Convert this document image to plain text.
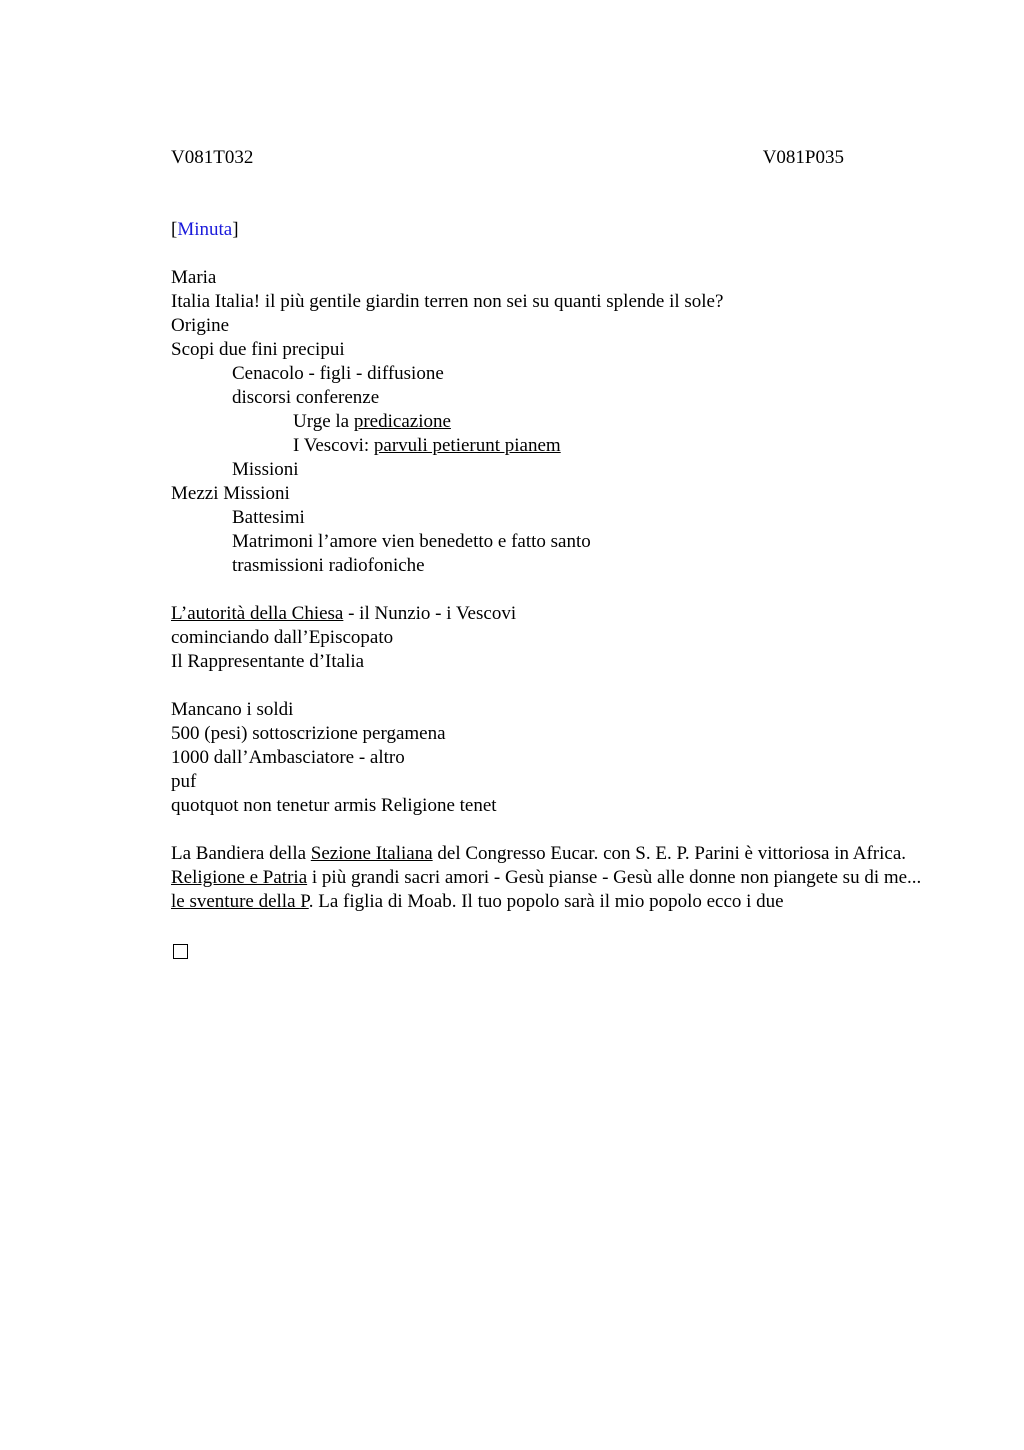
V081T032	V081P035
[Minuta]
Maria
Italia Italia! il più gentile giardin terren non sei su quanti splende il sole?
Origine
Scopi due fini precipui
Cenacolo - figli - diffusione
discorsi conferenze
Urge la predicazione
I Vescovi: parvuli petierunt pianem
Missioni
Mezzi Missioni
Battesimi
Matrimoni l’amore vien benedetto e fatto santo
trasmissioni radiofoniche
L’autorità della Chiesa - il Nunzio - i Vescovi
cominciando dall’Episcopato
Il Rappresentante d’Italia
Mancano i soldi
500 (pesi) sottoscrizione pergamena
1000 dall’Ambasciatore - altro
puf
quotquot non tenetur armis Religione tenet
La Bandiera della Sezione Italiana del Congresso Eucar. con S. E. P. Parini è vittoriosa in Africa.
Religione e Patria i più grandi sacri amori - Gesù pianse - Gesù alle donne non piangete su di me... le sventure della P. La figlia di Moab. Il tuo popolo sarà il mio popolo ecco i due
